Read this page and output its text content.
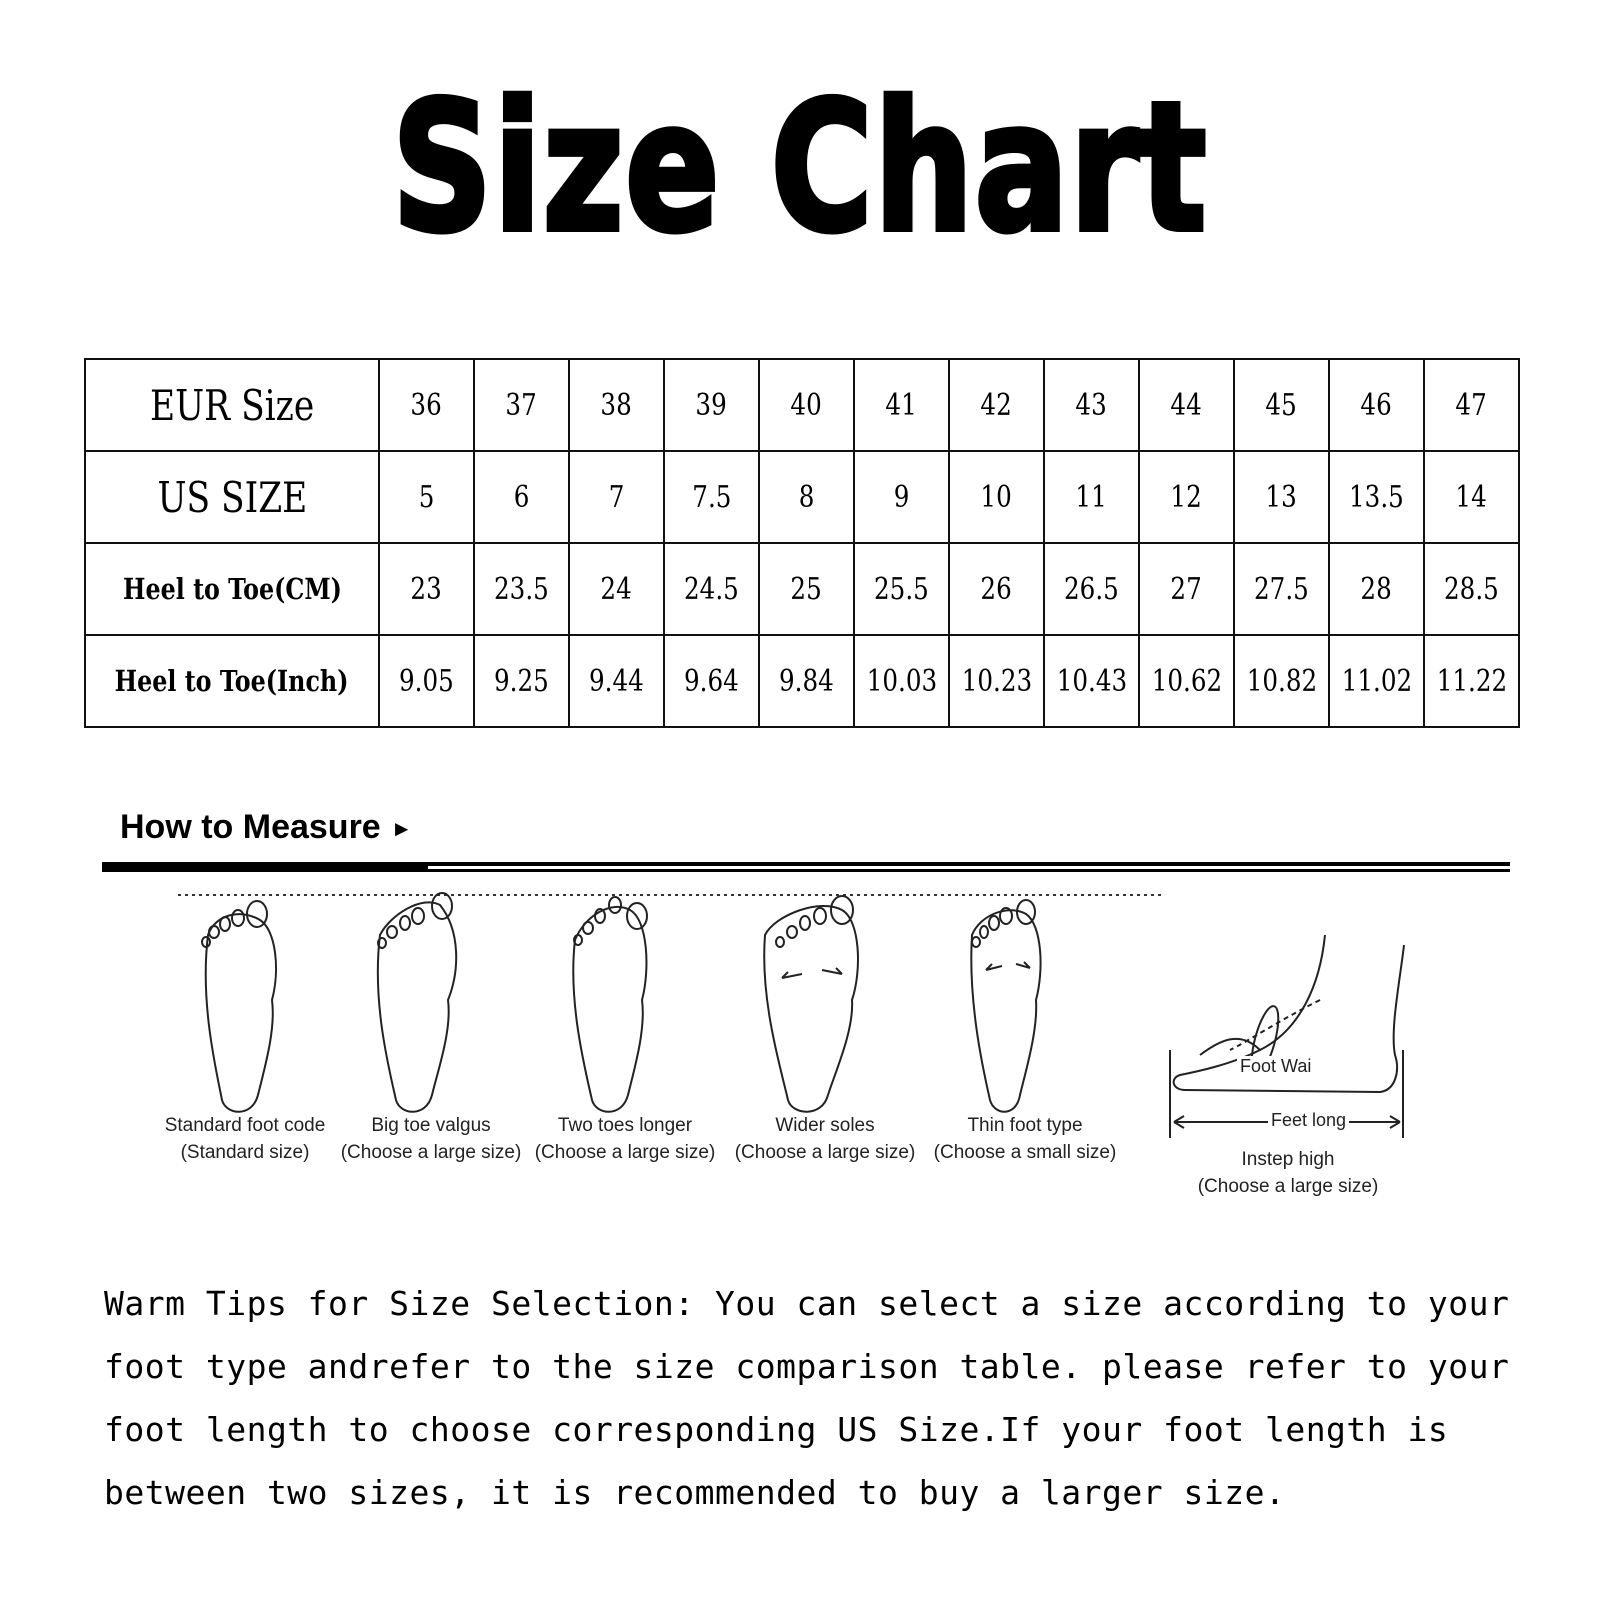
Size Chart
EUR Size	36	37	38	39	40	41	42	43	44	45	46	47
US SIZE	5	6	7	7.5	8	9	10	11	12	13	13.5	14
Heel to Toe(CM)	23	23.5	24	24.5	25	25.5	26	26.5	27	27.5	28	28.5
Heel to Toe(Inch)	9.05	9.25	9.44	9.64	9.84	10.03	10.23	10.43	10.62	10.82	11.02	11.22
How to Measure ►
Foot Wai
Feet long
Standard foot code
(Standard size)
Big toe valgus
(Choose a large size)
Two toes longer
(Choose a large size)
Wider soles
(Choose a large size)
Thin foot type
(Choose a small size)	Instep high
(Choose a large size)
Warm Tips for Size Selection: You can select a size according to your foot type andrefer to the size comparison table. please refer to your foot length to choose corresponding US Size.If your foot length is between two sizes, it is recommended to buy a larger size.
